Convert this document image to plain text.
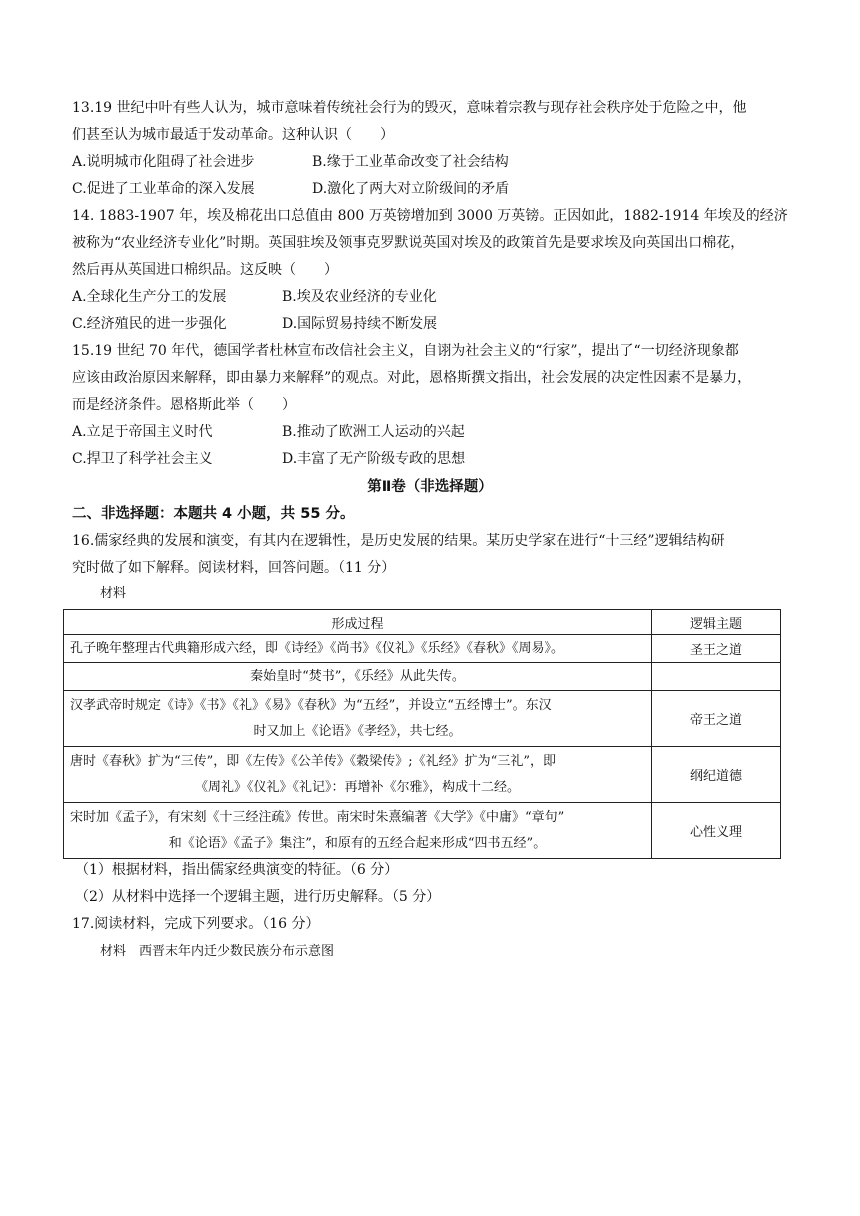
13.19 世纪中叶有些人认为，城市意味着传统社会行为的毁灭，意味着宗教与现存社会秩序处于危险之中，他
们甚至认为城市最适于发动革命。这种认识（　　）
A.说明城市化阻碍了社会进步	B.缘于工业革命改变了社会结构
C.促进了工业革命的深入发展	D.激化了两大对立阶级间的矛盾
14. 1883-1907 年，埃及棉花出口总值由 800 万英镑增加到 3000 万英镑。正因如此，1882-1914 年埃及的经济
被称为“农业经济专业化”时期。英国驻埃及领事克罗默说英国对埃及的政策首先是要求埃及向英国出口棉花，
然后再从英国进口棉织品。这反映（　　）
A.全球化生产分工的发展	B.埃及农业经济的专业化
C.经济殖民的进一步强化	D.国际贸易持续不断发展
15.19 世纪 70 年代，德国学者杜林宣布改信社会主义，自诩为社会主义的“行家”，提出了“一切经济现象都
应该由政治原因来解释，即由暴力来解释”的观点。对此，恩格斯撰文指出，社会发展的决定性因素不是暴力，
而是经济条件。恩格斯此举（　　）
A.立足于帝国主义时代	B.推动了欧洲工人运动的兴起
C.捍卫了科学社会主义	D.丰富了无产阶级专政的思想
第Ⅱ卷（非选择题）
二、非选择题：本题共 4 小题，共 55 分。
16.儒家经典的发展和演变，有其内在逻辑性，是历史发展的结果。某历史学家在进行“十三经”逻辑结构研
究时做了如下解释。阅读材料，回答问题。（11 分）
材料
形成过程	逻辑主题
孔子晚年整理古代典籍形成六经，即《诗经》《尚书》《仪礼》《乐经》《春秋》《周易》。	圣王之道

秦始皇时“焚书”，《乐经》从此失传。	

汉孝武帝时规定《诗》《书》《礼》《易》《春秋》为“五经”，并设立“五经博士”。东汉
时又加上《论语》《孝经》，共七经。	帝王之道

唐时《春秋》扩为“三传”，即《左传》《公羊传》《穀梁传》;《礼经》扩为“三礼”，即
《周礼》《仪礼》《礼记》：再增补《尔雅》，构成十二经。	纲纪道德

宋时加《孟子》，有宋刻《十三经注疏》传世。南宋时朱熹编著《大学》《中庸》“章句”
和《论语》《孟子》集注”，和原有的五经合起来形成“四书五经”。	心性义理
（1）根据材料，指出儒家经典演变的特征。（6 分）
（2）从材料中选择一个逻辑主题，进行历史解释。（5 分）
17.阅读材料，完成下列要求。（16 分）
材料　西晋末年内迁少数民族分布示意图
